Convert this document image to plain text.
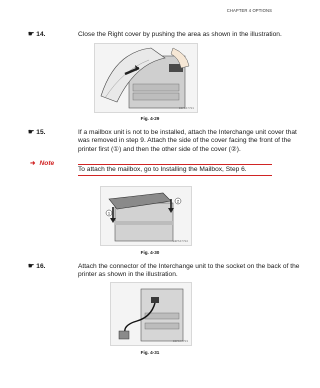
CHAPTER 4 OPTIONS
☛ 14.	Close the Right cover by pushing the area as shown in the illustration.
EBPS47701
Fig. 4-29
☛ 15.	If a mailbox unit is not to be installed, attach the Interchange unit cover that was removed in step 9. Attach the side of the cover facing the front of the printer first (①) and then the other side of the cover (②).
➜ Note
To attach the mailbox, go to Installing the Mailbox, Step 6.
1
2
EBPS47702
Fig. 4-30
☛ 16.	Attach the connector of the Interchange unit to the socket on the back of the printer as shown in the illustration.
EBPS47703
Fig. 4-31
